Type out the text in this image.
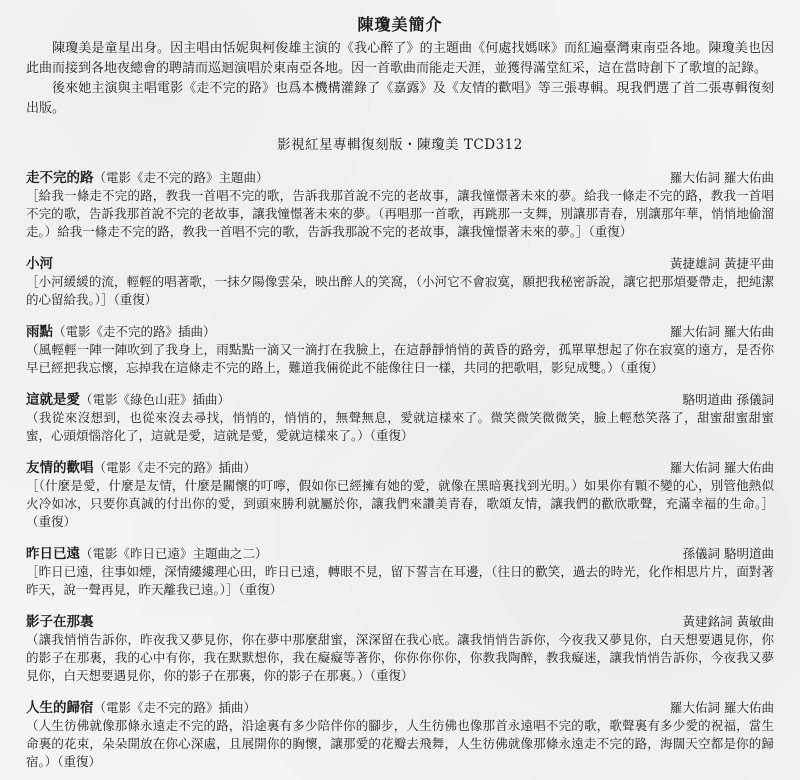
陳瓊美簡介

陳瓊美是童星出身。因主唱由恬妮與柯俊雄主演的《我心醉了》的主題曲《何處找媽咪》而紅遍臺灣東南亞各地。陳瓊美也因此曲而接到各地夜總會的聘請而巡迴演唱於東南亞各地。因一首歌曲而能走天涯，並獲得滿堂紅采，這在當時創下了歌壇的記錄。

後來她主演與主唱電影《走不完的路》也爲本機構灌錄了《嘉露》及《友情的歡唱》等三張專輯。現我們選了首二張專輯復刻出版。

影視紅星專輯復刻版・陳瓊美 TCD312
走不完的路（電影《走不完的路》主題曲）	羅大佑詞 羅大佑曲

［給我一條走不完的路，教我一首唱不完的歌，告訴我那首說不完的老故事，讓我憧憬著未來的夢。給我一條走不完的路，教我一首唱不完的歌，告訴我那首說不完的老故事，讓我憧憬著未來的夢。（再唱那一首歌，再跳那一支舞，別讓那青春，別讓那年華，悄悄地偷溜走。）給我一條走不完的路，教我一首唱不完的歌，告訴我那說不完的老故事，讓我憧憬著未來的夢。］（重復）

小河	黃捷雄詞 黃捷平曲

［小河緩緩的流，輕輕的唱著歌，一抹夕陽像雲朵，映出醉人的笑窩，（小河它不會寂寞，願把我秘密訴說，讓它把那煩憂帶走，把純潔的心留給我。）］（重復）

雨點（電影《走不完的路》插曲）	羅大佑詞 羅大佑曲

（風輕輕一陣一陣吹到了我身上，雨點點一滴又一滴打在我臉上，在這靜靜悄悄的黃昏的路旁，孤單單想起了你在寂寞的遠方，是否你早已經把我忘懷，忘掉我在這條走不完的路上，難道我倆從此不能像往日一樣，共同的把歌唱，影兒成雙。）（重復）

這就是愛（電影《綠色山莊》插曲）	駱明道曲 孫儀詞

（我從來沒想到，也從來沒去尋找，悄悄的，悄悄的，無聲無息，愛就這樣來了。微笑微笑微微笑，臉上輕愁笑落了，甜蜜甜蜜甜蜜蜜，心頭煩惱溶化了，這就是愛，這就是愛，愛就這樣來了。）（重復）

友情的歡唱（電影《走不完的路》插曲）	羅大佑詞 羅大佑曲

［（什麼是愛，什麼是友情，什麼是關懷的叮嚀，假如你已經擁有她的愛，就像在黑暗裏找到光明。）如果你有顆不變的心，別管他熱似火冷如冰，只要你真誠的付出你的愛，到頭來勝利就屬於你，讓我們來讚美青春，歌頌友情，讓我們的歡欣歌聲，充滿幸福的生命。］（重復）

昨日已遠（電影《昨日已遠》主題曲之二）	孫儀詞 駱明道曲

［昨日已遠，往事如煙，深情縷縷理心田，昨日已遠，轉眼不見，留下誓言在耳邊，（往日的歡笑，過去的時光，化作相思片片，面對著昨天，說一聲再見，昨天離我已遠。）］（重復）

影子在那裏	黃建銘詞 黃敏曲

（讓我悄悄告訴你，昨夜我又夢見你，你在夢中那麼甜蜜，深深留在我心底。讓我悄悄告訴你，今夜我又夢見你，白天想要遇見你，你的影子在那裏，我的心中有你，我在默默想你，我在癡癡等著你，你你你你你，你教我陶醉，教我癡迷，讓我悄悄告訴你，今夜我又夢見你，白天想要遇見你，你的影子在那裏，你的影子在那裏。）（重復）

人生的歸宿（電影《走不完的路》插曲）	羅大佑詞 羅大佑曲

（人生彷佛就像那條永遠走不完的路，沿途裏有多少陪伴你的腳步，人生彷佛也像那首永遠唱不完的歌，歌聲裏有多少愛的祝福，當生命裏的花束，朵朵開放在你心深處，且展開你的胸懷，讓那愛的花瓣去飛舞，人生彷佛就像那條永遠走不完的路，海闊天空都是你的歸宿。）（重復）
